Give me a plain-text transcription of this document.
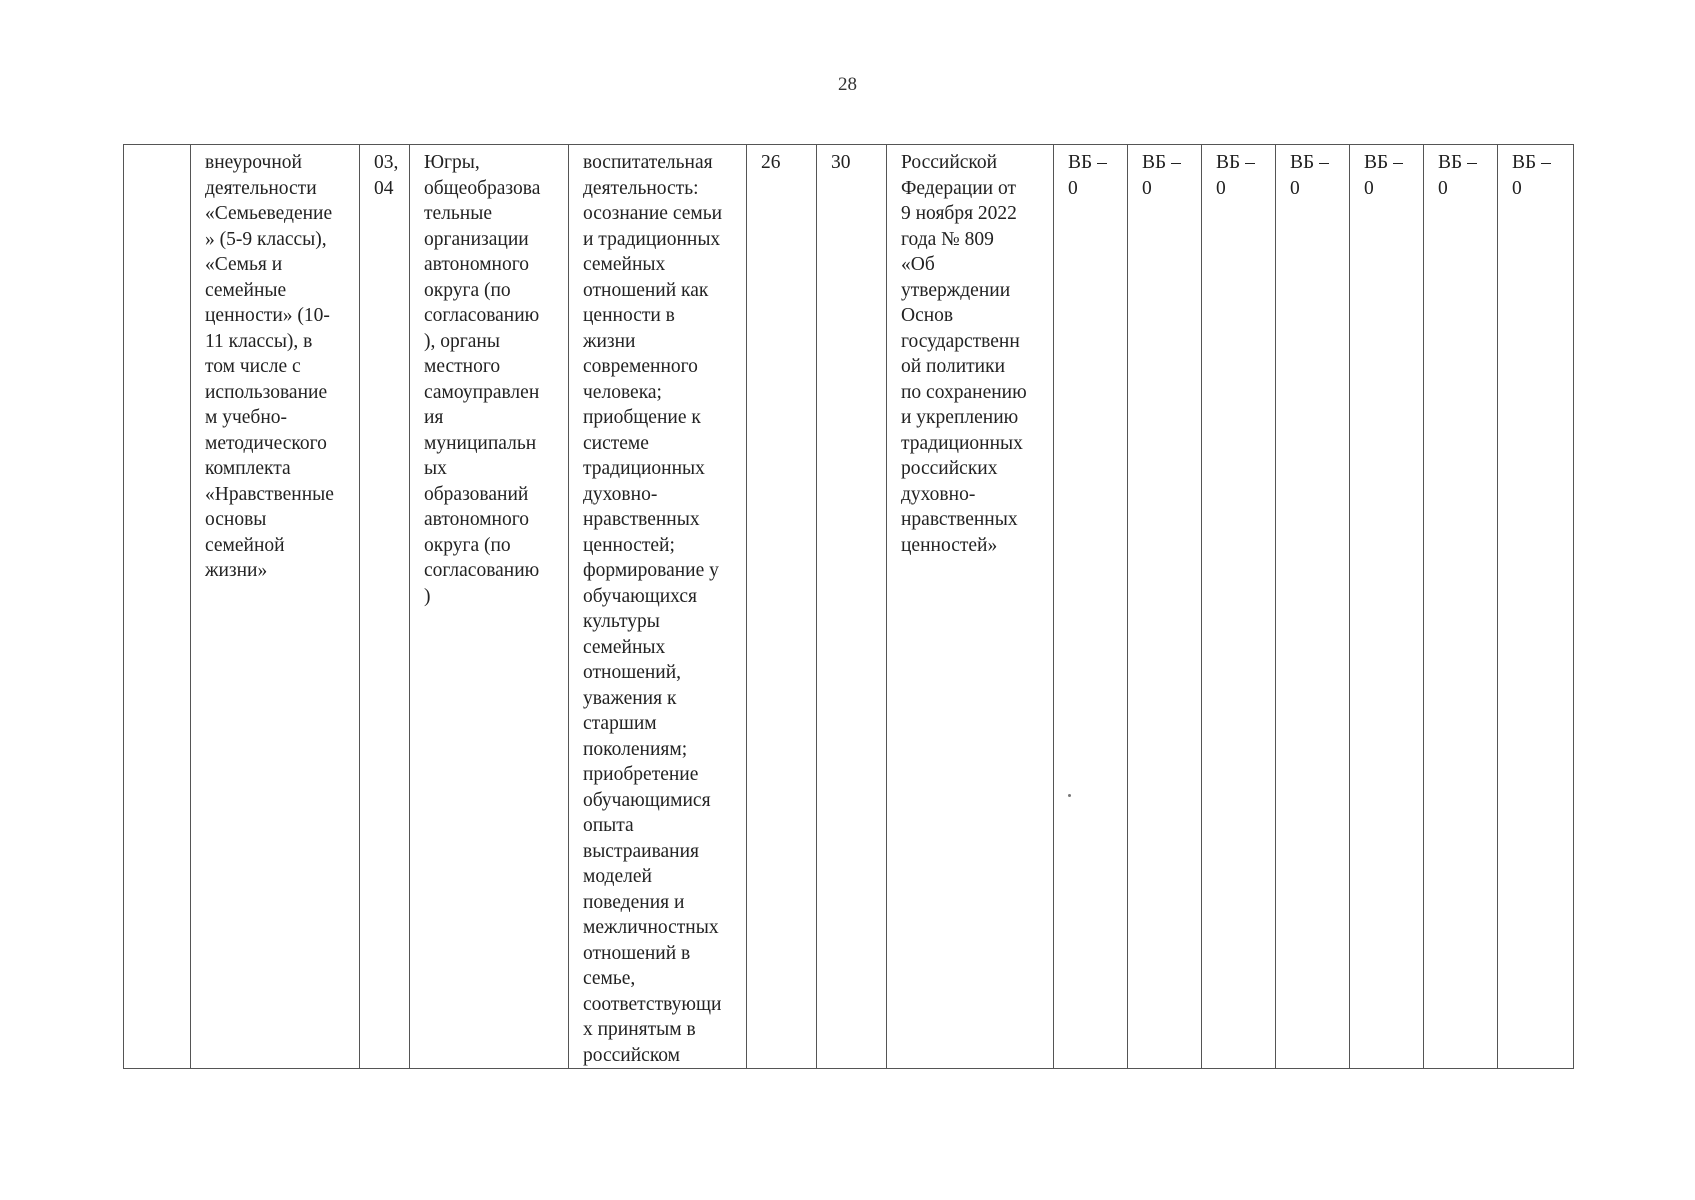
28
	внеурочной
деятельности
«Семьеведение
» (5-9 классы),
«Семья и
семейные
ценности» (10-
11 классы), в
том числе с
использование
м учебно-
методического
комплекта
«Нравственные
основы
семейной
жизни»	03,
04	Югры,
общеобразова
тельные
организации
автономного
округа (по
согласованию
), органы
местного
самоуправлен
ия
муниципальн
ых
образований
автономного
округа (по
согласованию
)	воспитательная
деятельность:
осознание семьи
и традиционных
семейных
отношений как
ценности в
жизни
современного
человека;
приобщение к
системе
традиционных
духовно-
нравственных
ценностей;
формирование у
обучающихся
культуры
семейных
отношений,
уважения к
старшим
поколениям;
приобретение
обучающимися
опыта
выстраивания
моделей
поведения и
межличностных
отношений в
семье,
соответствующи
х принятым в
российском	26	30	Российской
Федерации от
9 ноября 2022
года № 809
«Об
утверждении
Основ
государственн
ой политики
по сохранению
и укреплению
традиционных
российских
духовно-
нравственных
ценностей»	ВБ –
0	ВБ –
0	ВБ –
0	ВБ –
0	ВБ –
0	ВБ –
0	ВБ –
0
